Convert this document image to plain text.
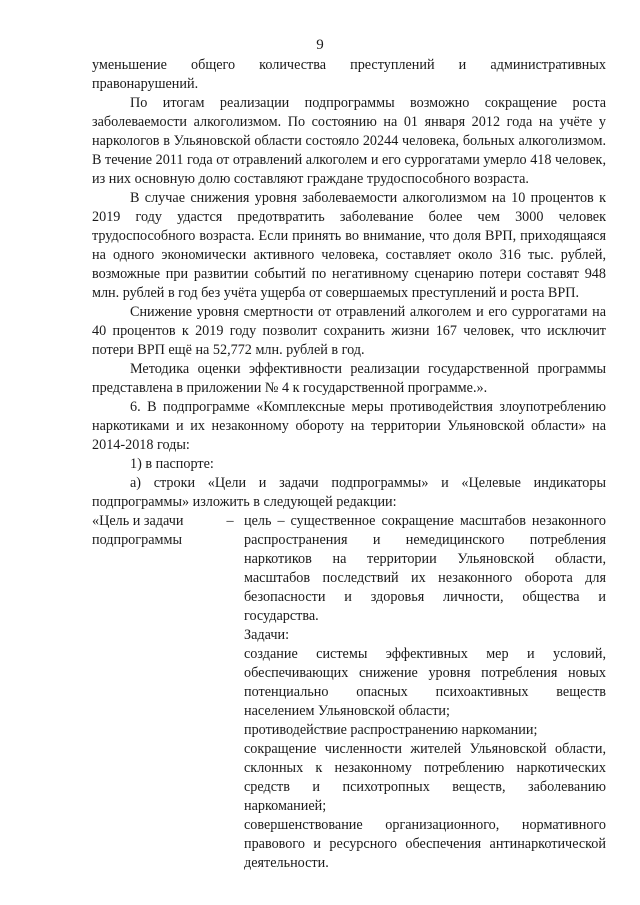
9

уменьшение общего количества преступлений и административных правонарушений.

По итогам реализации подпрограммы возможно сокращение роста заболеваемости алкоголизмом. По состоянию на 01 января 2012 года на учёте у наркологов в Ульяновской области состояло 20244 человека, больных алкоголизмом. В течение 2011 года от отравлений алкоголем и его суррогатами умерло 418 человек, из них основную долю составляют граждане трудоспособного возраста.

В случае снижения уровня заболеваемости алкоголизмом на 10 процентов к 2019 году удастся предотвратить заболевание более чем 3000 человек трудоспособного возраста. Если принять во внимание, что доля ВРП, приходящаяся на одного экономически активного человека, составляет около 316 тыс. рублей, возможные при развитии событий по негативному сценарию потери составят 948 млн. рублей в год без учёта ущерба от совершаемых преступлений и роста ВРП.

Снижение уровня смертности от отравлений алкоголем и его суррогатами на 40 процентов к 2019 году позволит сохранить жизни 167 человек, что исключит потери ВРП ещё на 52,772 млн. рублей в год.

Методика оценки эффективности реализации государственной программы представлена в приложении № 4 к государственной программе.».

6. В подпрограмме «Комплексные меры противодействия злоупотреблению наркотиками и их незаконному обороту на территории Ульяновской области» на 2014-2018 годы:

1) в паспорте:

а) строки «Цели и задачи подпрограммы» и «Целевые индикаторы подпрограммы» изложить в следующей редакции:

«Цель и задачи
подпрограммы
– цель – существенное сокращение масштабов незаконного распространения и немедицинского потребления наркотиков на территории Ульяновской области, масштабов последствий их незаконного оборота для безопасности и здоровья личности, общества и государства.
Задачи:
создание системы эффективных мер и условий, обеспечивающих снижение уровня потребления новых потенциально опасных психоактивных веществ населением Ульяновской области;
противодействие распространению наркомании;
сокращение численности жителей Ульяновской области, склонных к незаконному потреблению наркотических средств и психотропных веществ, заболеванию наркоманией;
совершенствование организационного, нормативного правового и ресурсного обеспечения антинаркотической деятельности.
